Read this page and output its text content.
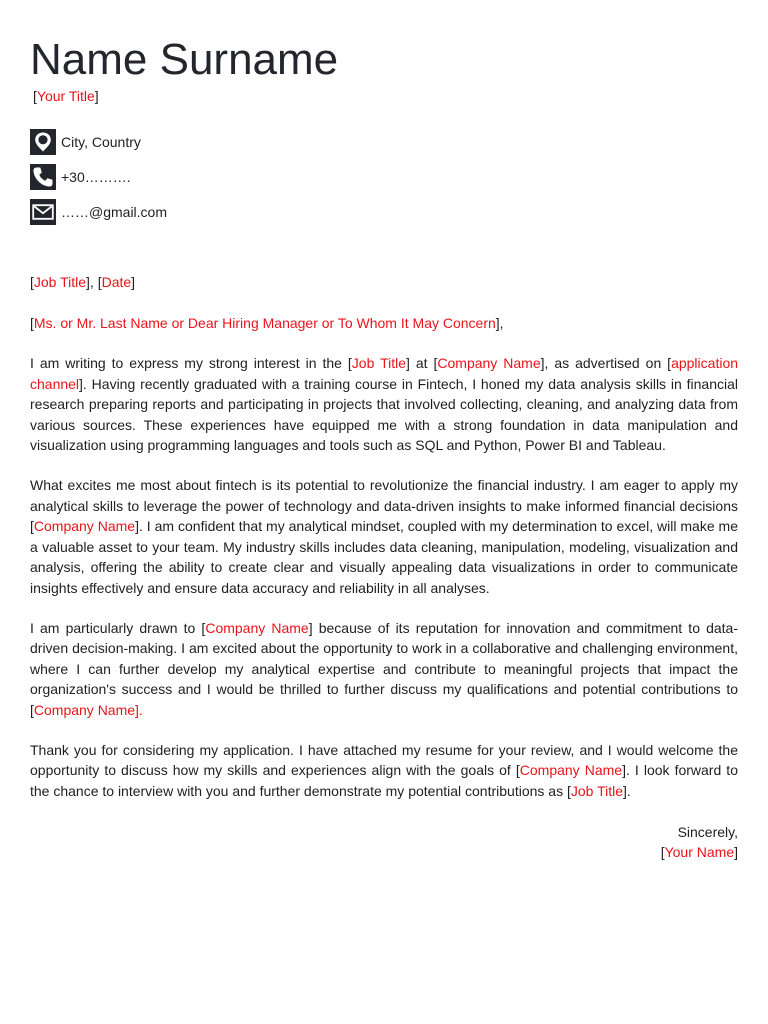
Name Surname
[Your Title]
City, Country
+30……….
……@gmail.com
[Job Title], [Date]
[Ms. or Mr. Last Name or Dear Hiring Manager or To Whom It May Concern],

I am writing to express my strong interest in the [Job Title] at [Company Name], as advertised on [application channel]. Having recently graduated with a training course in Fintech, I honed my data analysis skills in financial research preparing reports and participating in projects that involved collecting, cleaning, and analyzing data from various sources. These experiences have equipped me with a strong foundation in data manipulation and visualization using programming languages and tools such as SQL and Python, Power BI and Tableau.

What excites me most about fintech is its potential to revolutionize the financial industry. I am eager to apply my analytical skills to leverage the power of technology and data-driven insights to make informed financial decisions [Company Name]. I am confident that my analytical mindset, coupled with my determination to excel, will make me a valuable asset to your team. My industry skills includes data cleaning, manipulation, modeling, visualization and analysis, offering the ability to create clear and visually appealing data visualizations in order to communicate insights effectively and ensure data accuracy and reliability in all analyses.

I am particularly drawn to [Company Name] because of its reputation for innovation and commitment to data-driven decision-making. I am excited about the opportunity to work in a collaborative and challenging environment, where I can further develop my analytical expertise and contribute to meaningful projects that impact the organization's success and I would be thrilled to further discuss my qualifications and potential contributions to [Company Name].

Thank you for considering my application. I have attached my resume for your review, and I would welcome the opportunity to discuss how my skills and experiences align with the goals of [Company Name]. I look forward to the chance to interview with you and further demonstrate my potential contributions as [Job Title].

Sincerely,
[Your Name]
